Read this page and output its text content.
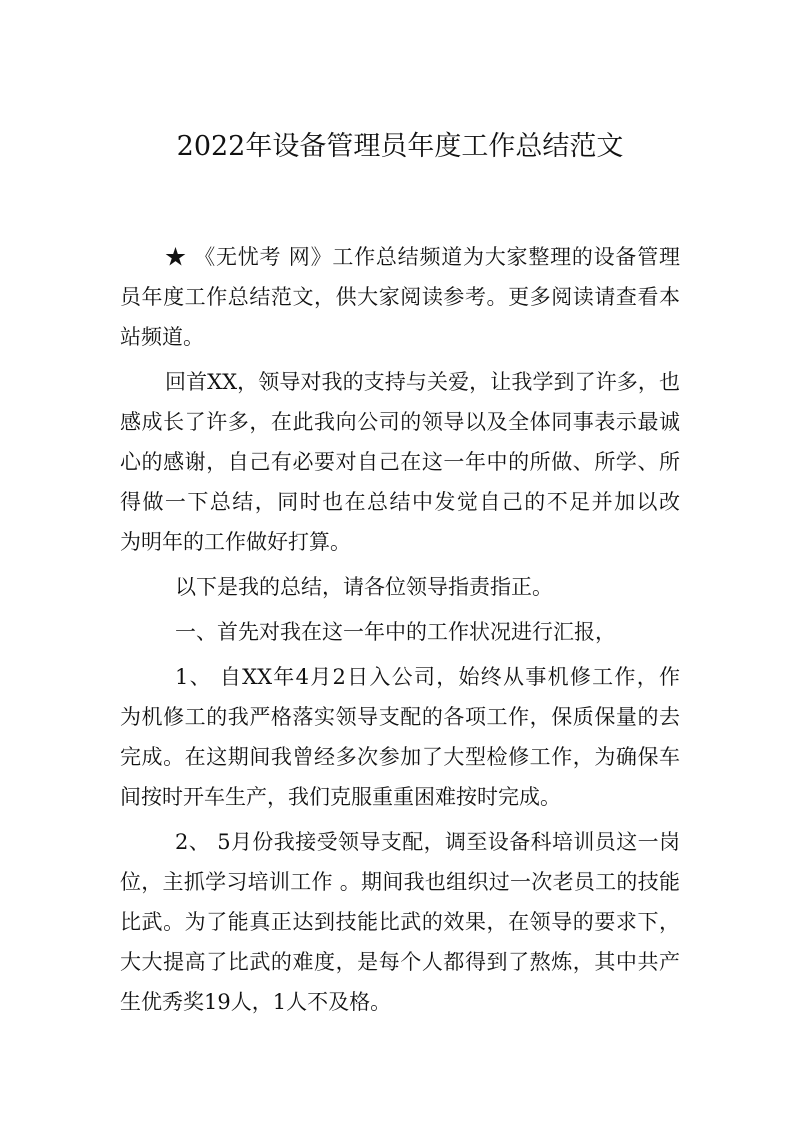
2022年设备管理员年度工作总结范文
★ 《无忧考 网》工作总结频道为大家整理的设备管理
员年度工作总结范文，供大家阅读参考。更多阅读请查看本
站频道。
回首XX，领导对我的支持与关爱，让我学到了许多，也
感成长了许多，在此我向公司的领导以及全体同事表示最诚
心的感谢，自己有必要对自己在这一年中的所做、所学、所
得做一下总结，同时也在总结中发觉自己的不足并加以改
为明年的工作做好打算。
以下是我的总结，请各位领导指责指正。
一、首先对我在这一年中的工作状况进行汇报，
1、 自XX年4月2日入公司，始终从事机修工作，作
为机修工的我严格落实领导支配的各项工作，保质保量的去
完成。在这期间我曾经多次参加了大型检修工作，为确保车
间按时开车生产，我们克服重重困难按时完成。
2、 5月份我接受领导支配，调至设备科培训员这一岗
位，主抓学习培训工作 。期间我也组织过一次老员工的技能
比武。为了能真正达到技能比武的效果，在领导的要求下，
大大提高了比武的难度，是每个人都得到了熬炼，其中共产
生优秀奖19人，1人不及格。
